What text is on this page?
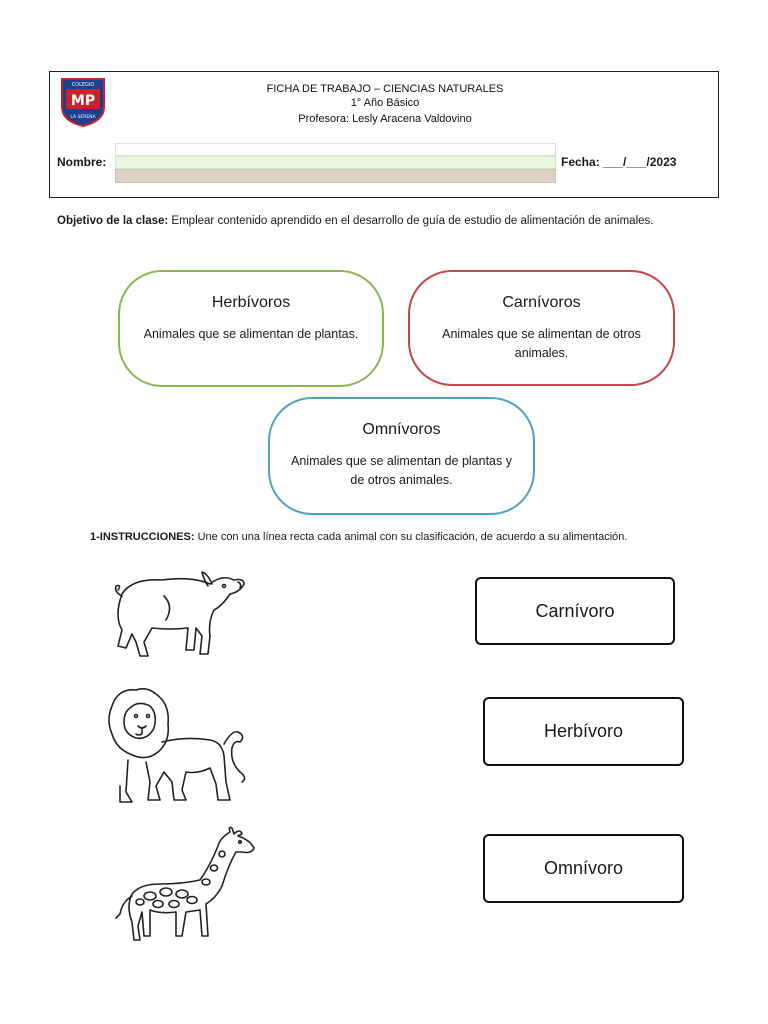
COLEGIO
MP
LA SERENA
FICHA DE TRABAJO – CIENCIAS NATURALES
1° Año Básico
Profesora: Lesly Aracena Valdovino
Nombre:	Fecha: ___/___/2023
Objetivo de la clase: Emplear contenido aprendido en el desarrollo de guía de estudio de alimentación de animales.
Herbívoros
Animales que se alimentan de plantas.
Carnívoros
Animales que se alimentan de otros animales.
Omnívoros
Animales que se alimentan de plantas y de otros animales.
1-INSTRUCCIONES: Une con una línea recta cada animal con su clasificación, de acuerdo a su alimentación.
Carnívoro
Herbívoro
Omnívoro
